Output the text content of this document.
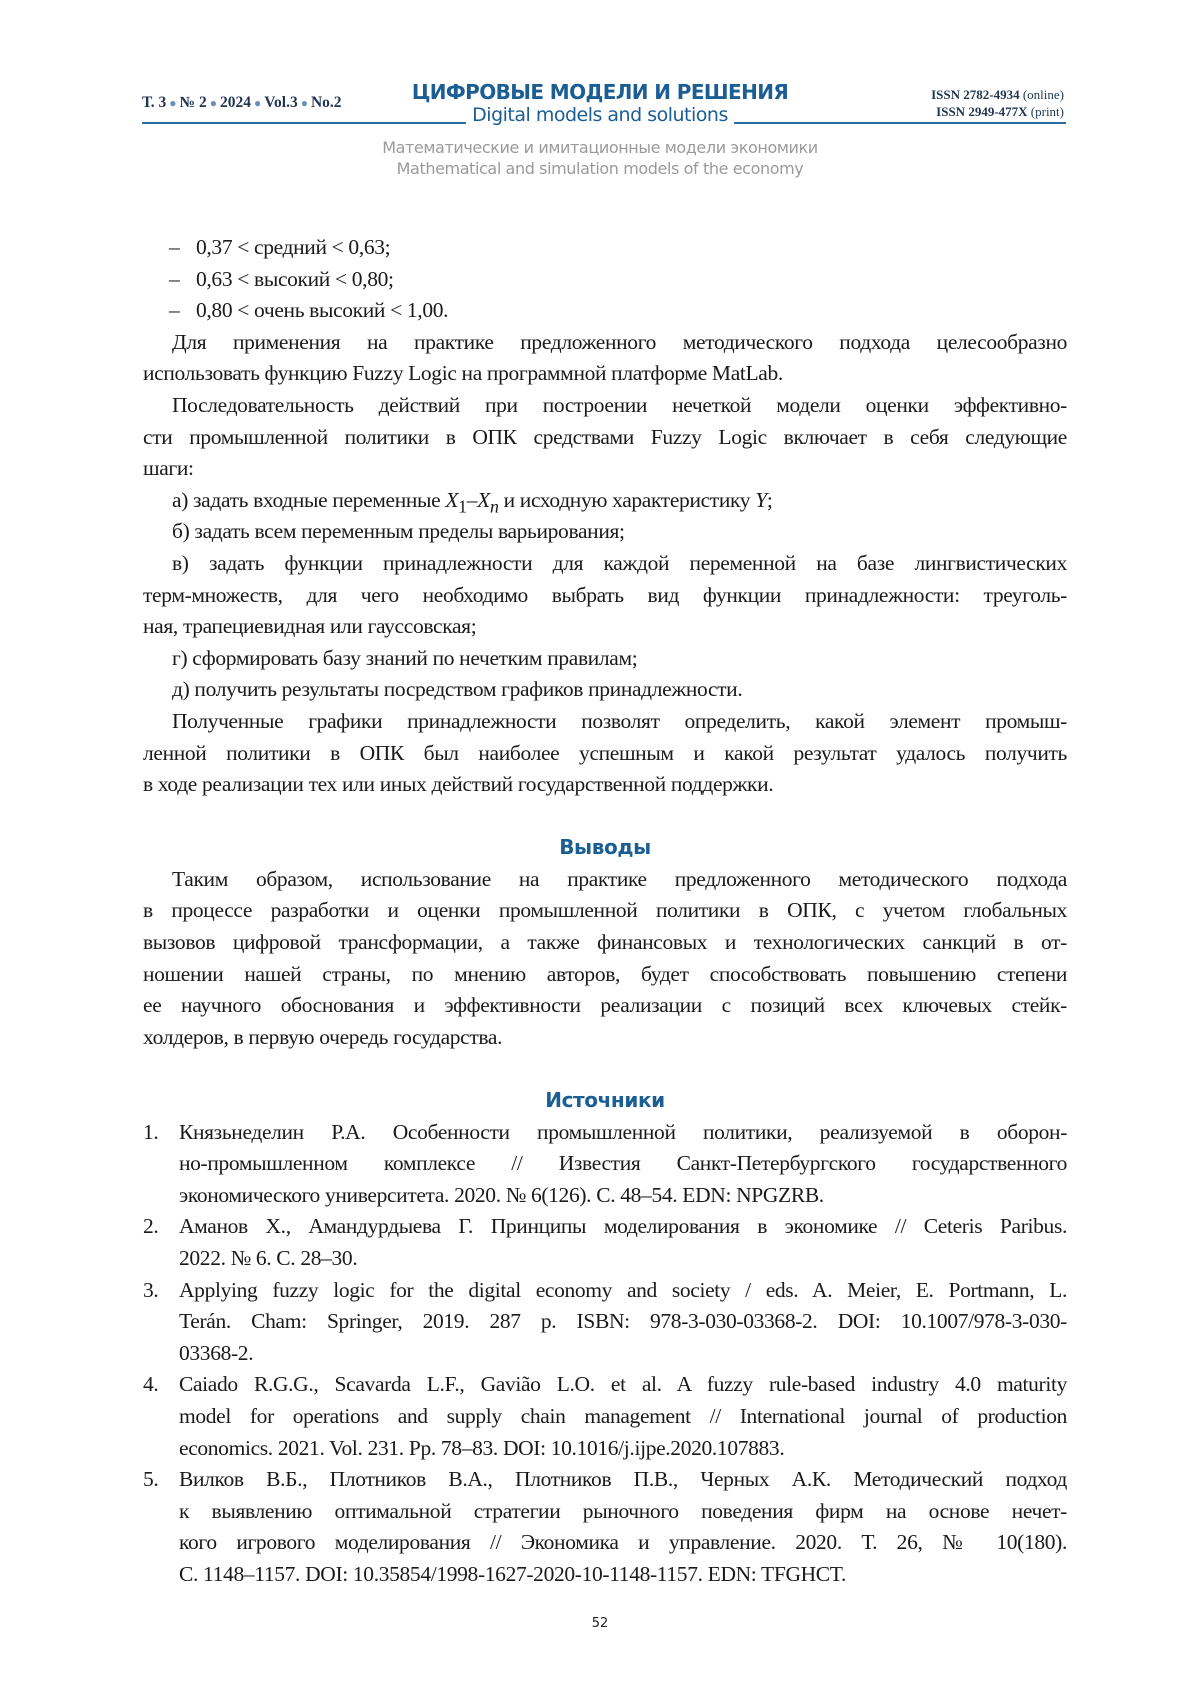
Т. 3 ● № 2 ● 2024 ● Vol.3 ● No.2	ЦИФРОВЫЕ МОДЕЛИ И РЕШЕНИЯ
Digital models and solutions
ISSN 2782-4934 (online)
ISSN 2949-477X (print)
Математические и имитационные модели экономики
Mathematical and simulation models of the economy
– 0,37 < средний < 0,63;
– 0,63 < высокий < 0,80;
– 0,80 < очень высокий < 1,00.
Для применения на практике предложенного методического подхода целесообразно
использовать функцию Fuzzy Logic на программной платформе MatLab.
Последовательность действий при построении нечеткой модели оценки эффективно-
сти промышленной политики в ОПК средствами Fuzzy Logic включает в себя следующие
шаги:
а) задать входные переменные $X_1-X_n$ и исходную характеристику Y;
б) задать всем переменным пределы варьирования;
в) задать функции принадлежности для каждой переменной на базе лингвистических
терм-множеств, для чего необходимо выбрать вид функции принадлежности: треуголь-
ная, трапециевидная или гауссовская;
г) сформировать базу знаний по нечетким правилам;
д) получить результаты посредством графиков принадлежности.
Полученные графики принадлежности позволят определить, какой элемент промыш-
ленной политики в ОПК был наиболее успешным и какой результат удалось получить
в ходе реализации тех или иных действий государственной поддержки.
Выводы
Таким образом, использование на практике предложенного методического подхода
в процессе разработки и оценки промышленной политики в ОПК, с учетом глобальных
вызовов цифровой трансформации, а также финансовых и технологических санкций в от-
ношении нашей страны, по мнению авторов, будет способствовать повышению степени
ее научного обоснования и эффективности реализации с позиций всех ключевых стейк-
холдеров, в первую очередь государства.
Источники
1. Князьнеделин Р.А. Особенности промышленной политики, реализуемой в оборон-
но-промышленном комплексе // Известия Санкт-Петербургского государственного
экономического университета. 2020. № 6(126). С. 48–54. EDN: NPGZRB.
2. Аманов Х., Амандурдыева Г. Принципы моделирования в экономике // Ceteris Paribus.
2022. № 6. С. 28–30.
3. Applying fuzzy logic for the digital economy and society / eds. A. Meier, E. Portmann, L.
Terán. Cham: Springer, 2019. 287 p. ISBN: 978-3-030-03368-2. DOI: 10.1007/978-3-030-
03368-2.
4. Caiado R.G.G., Scavarda L.F., Gavião L.O. et al. A fuzzy rule-based industry 4.0 maturity
model for operations and supply chain management // International journal of production
economics. 2021. Vol. 231. Pp. 78–83. DOI: 10.1016/j.ijpe.2020.107883.
5. Вилков В.Б., Плотников В.А., Плотников П.В., Черных А.К. Методический подход
к выявлению оптимальной стратегии рыночного поведения фирм на основе нечет-
кого игрового моделирования // Экономика и управление. 2020. Т. 26, № 10(180).
С. 1148–1157. DOI: 10.35854/1998-1627-2020-10-1148-1157. EDN: TFGHCT.
52
